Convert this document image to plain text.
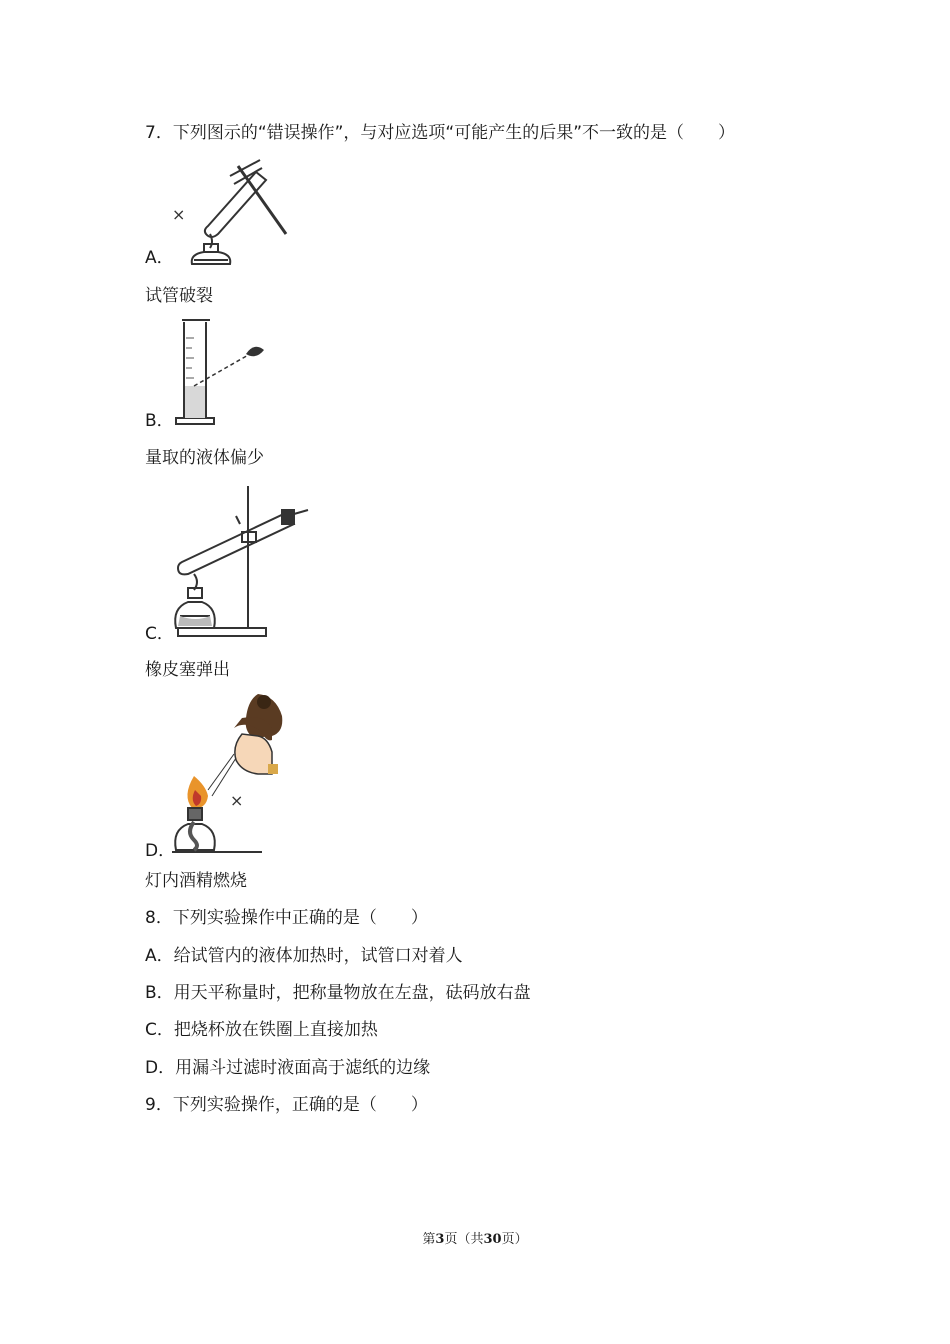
7．下列图示的“错误操作”，与对应选项“可能产生的后果”不一致的是（　　）
×
A．
试管破裂
B．
量取的液体偏少
C．
橡皮塞弹出
×
D．
灯内酒精燃烧
8．下列实验操作中正确的是（　　）
A．给试管内的液体加热时，试管口对着人
B．用天平称量时，把称量物放在左盘，砝码放右盘
C．把烧杯放在铁圈上直接加热
D．用漏斗过滤时液面高于滤纸的边缘
9．下列实验操作，正确的是（　　）
第3页（共30页）
